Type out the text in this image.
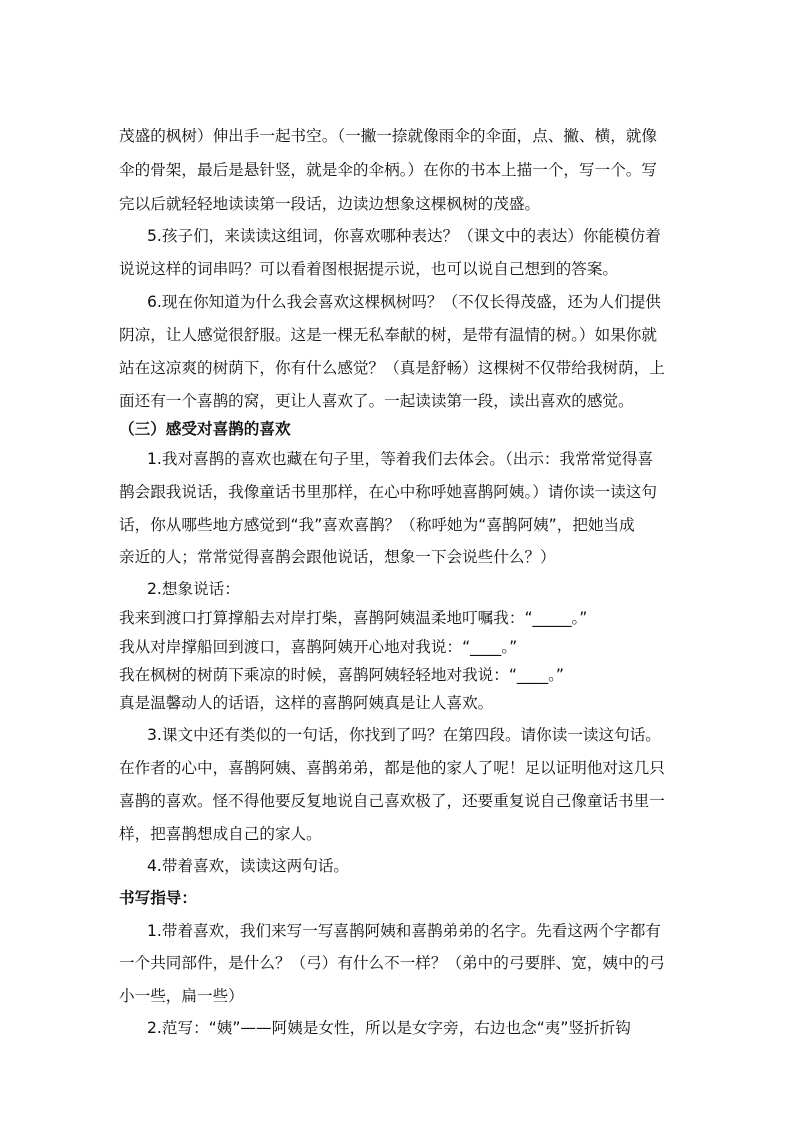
茂盛的枫树）伸出手一起书空。（一撇一捺就像雨伞的伞面，点、撇、横，就像
伞的骨架，最后是悬针竖，就是伞的伞柄。）在你的书本上描一个，写一个。写
完以后就轻轻地读读第一段话，边读边想象这棵枫树的茂盛。
5.孩子们，来读读这组词，你喜欢哪种表达？（课文中的表达）你能模仿着
说说这样的词串吗？可以看着图根据提示说，也可以说自己想到的答案。
6.现在你知道为什么我会喜欢这棵枫树吗？（不仅长得茂盛，还为人们提供
阴凉，让人感觉很舒服。这是一棵无私奉献的树，是带有温情的树。）如果你就
站在这凉爽的树荫下，你有什么感觉？（真是舒畅）这棵树不仅带给我树荫，上
面还有一个喜鹊的窝，更让人喜欢了。一起读读第一段，读出喜欢的感觉。
（三）感受对喜鹊的喜欢
1.我对喜鹊的喜欢也藏在句子里，等着我们去体会。（出示：我常常觉得喜
鹊会跟我说话，我像童话书里那样，在心中称呼她喜鹊阿姨。）请你读一读这句
话，你从哪些地方感觉到“我”喜欢喜鹊？（称呼她为“喜鹊阿姨”，把她当成
亲近的人；常常觉得喜鹊会跟他说话，想象一下会说些什么？）
2.想象说话：
我来到渡口打算撑船去对岸打柴，喜鹊阿姨温柔地叮嘱我：“_____。”
我从对岸撑船回到渡口，喜鹊阿姨开心地对我说：“____。”
我在枫树的树荫下乘凉的时候，喜鹊阿姨轻轻地对我说：“____。”
真是温馨动人的话语，这样的喜鹊阿姨真是让人喜欢。
3.课文中还有类似的一句话，你找到了吗？在第四段。请你读一读这句话。
在作者的心中，喜鹊阿姨、喜鹊弟弟，都是他的家人了呢！足以证明他对这几只
喜鹊的喜欢。怪不得他要反复地说自己喜欢极了，还要重复说自己像童话书里一
样，把喜鹊想成自己的家人。
4.带着喜欢，读读这两句话。
书写指导：
1.带着喜欢，我们来写一写喜鹊阿姨和喜鹊弟弟的名字。先看这两个字都有
一个共同部件，是什么？（弓）有什么不一样？（弟中的弓要胖、宽，姨中的弓
小一些，扁一些）
2.范写：“姨”——阿姨是女性，所以是女字旁，右边也念“夷”竖折折钩
